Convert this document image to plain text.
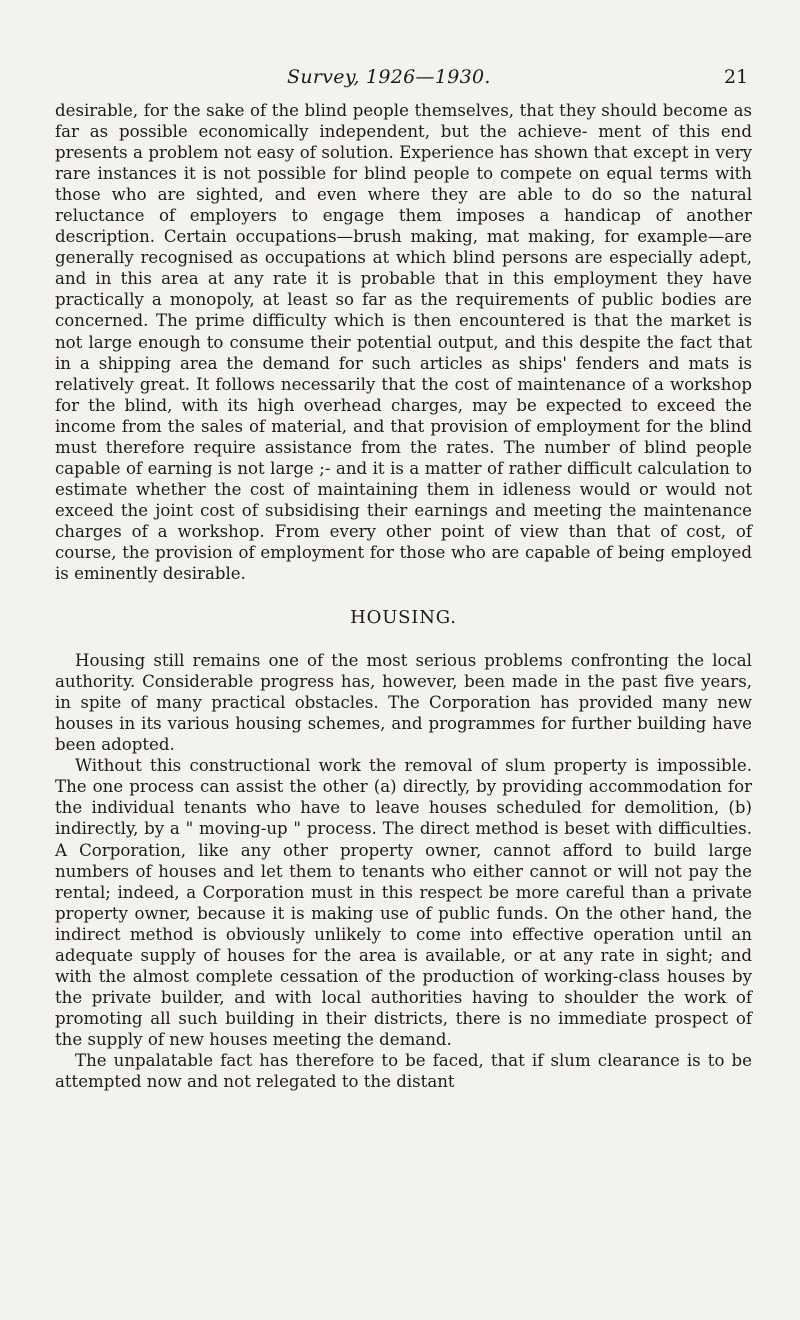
Survey, 1926—1930.	21

desirable, for the sake of the blind people themselves, that they should become as far as possible economically independent, but the achieve- ment of this end presents a problem not easy of solution. Experience has shown that except in very rare instances it is not possible for blind people to compete on equal terms with those who are sighted, and even where they are able to do so the natural reluctance of employers to engage them imposes a handicap of another description. Certain occupations—brush making, mat making, for example—are generally recognised as occupations at which blind persons are especially adept, and in this area at any rate it is probable that in this employment they have practically a monopoly, at least so far as the requirements of public bodies are concerned. The prime difficulty which is then encountered is that the market is not large enough to consume their potential output, and this despite the fact that in a shipping area the demand for such articles as ships' fenders and mats is relatively great. It follows necessarily that the cost of maintenance of a workshop for the blind, with its high overhead charges, may be expected to exceed the income from the sales of material, and that provision of employment for the blind must therefore require assistance from the rates. The number of blind people capable of earning is not large ;- and it is a matter of rather difficult calculation to estimate whether the cost of maintaining them in idleness would or would not exceed the joint cost of subsidising their earnings and meeting the maintenance charges of a workshop. From every other point of view than that of cost, of course, the provision of employment for those who are capable of being employed is eminently desirable.

HOUSING.

Housing still remains one of the most serious problems confronting the local authority. Considerable progress has, however, been made in the past five years, in spite of many practical obstacles. The Corporation has provided many new houses in its various housing schemes, and programmes for further building have been adopted.

Without this constructional work the removal of slum property is impossible. The one process can assist the other (a) directly, by providing accommodation for the individual tenants who have to leave houses scheduled for demolition, (b) indirectly, by a " moving-up " process. The direct method is beset with difficulties. A Corporation, like any other property owner, cannot afford to build large numbers of houses and let them to tenants who either cannot or will not pay the rental; indeed, a Corporation must in this respect be more careful than a private property owner, because it is making use of public funds. On the other hand, the indirect method is obviously unlikely to come into effective operation until an adequate supply of houses for the area is available, or at any rate in sight; and with the almost complete cessation of the production of working-class houses by the private builder, and with local authorities having to shoulder the work of promoting all such building in their districts, there is no immediate prospect of the supply of new houses meeting the demand.

The unpalatable fact has therefore to be faced, that if slum clearance is to be attempted now and not relegated to the distant
